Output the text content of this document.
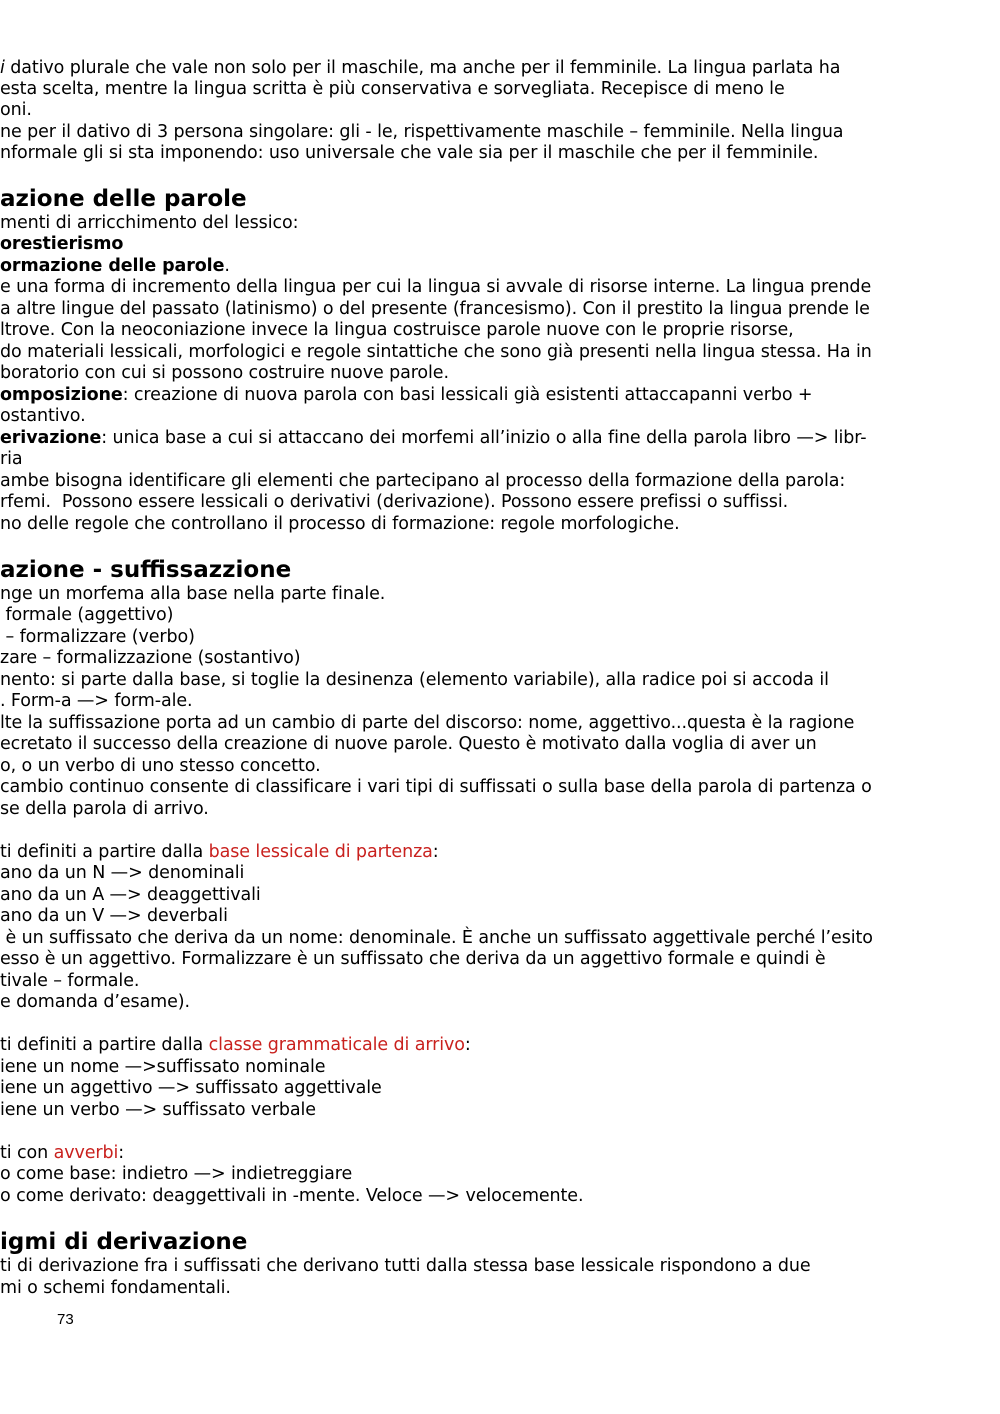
i dativo plurale che vale non solo per il maschile, ma anche per il femminile. La lingua parlata ha
esta scelta, mentre la lingua scritta è più conservativa e sorvegliata. Recepisce di meno le
oni.
ne per il dativo di 3 persona singolare: gli - le, rispettivamente maschile – femminile. Nella lingua
nformale gli si sta imponendo: uso universale che vale sia per il maschile che per il femminile.
azione delle parole
menti di arricchimento del lessico:
orestierismo
ormazione delle parole.
e una forma di incremento della lingua per cui la lingua si avvale di risorse interne. La lingua prende
a altre lingue del passato (latinismo) o del presente (francesismo). Con il prestito la lingua prende le
ltrove. Con la neoconiazione invece la lingua costruisce parole nuove con le proprie risorse,
do materiali lessicali, morfologici e regole sintattiche che sono già presenti nella lingua stessa. Ha in
boratorio con cui si possono costruire nuove parole.
omposizione: creazione di nuova parola con basi lessicali già esistenti attaccapanni verbo +
ostantivo.
erivazione: unica base a cui si attaccano dei morfemi all’inizio o alla fine della parola libro —> libr-
ria
ambe bisogna identificare gli elementi che partecipano al processo della formazione della parola:
rfemi.  Possono essere lessicali o derivativi (derivazione). Possono essere prefissi o suffissi.
no delle regole che controllano il processo di formazione: regole morfologiche.
azione - suffissazzione
nge un morfema alla base nella parte finale.
formale (aggettivo)
– formalizzare (verbo)
zare – formalizzazione (sostantivo)
nento: si parte dalla base, si toglie la desinenza (elemento variabile), alla radice poi si accoda il
. Form-a —> form-ale.
lte la suffissazione porta ad un cambio di parte del discorso: nome, aggettivo...questa è la ragione
ecretato il successo della creazione di nuove parole. Questo è motivato dalla voglia di aver un
o, o un verbo di uno stesso concetto.
cambio continuo consente di classificare i vari tipi di suffissati o sulla base della parola di partenza o
se della parola di arrivo.
ti definiti a partire dalla base lessicale di partenza:
ano da un N —> denominali
ano da un A —> deaggettivali
ano da un V —> deverbali
è un suffissato che deriva da un nome: denominale. È anche un suffissato aggettivale perché l’esito
esso è un aggettivo. Formalizzare è un suffissato che deriva da un aggettivo formale e quindi è
tivale – formale.
e domanda d’esame).
ti definiti a partire dalla classe grammaticale di arrivo:
iene un nome —>suffissato nominale
iene un aggettivo —> suffissato aggettivale
iene un verbo —> suffissato verbale
ti con avverbi:
o come base: indietro —> indietreggiare
o come derivato: deaggettivali in -mente. Veloce —> velocemente.
igmi di derivazione
ti di derivazione fra i suffissati che derivano tutti dalla stessa base lessicale rispondono a due
mi o schemi fondamentali.
73
